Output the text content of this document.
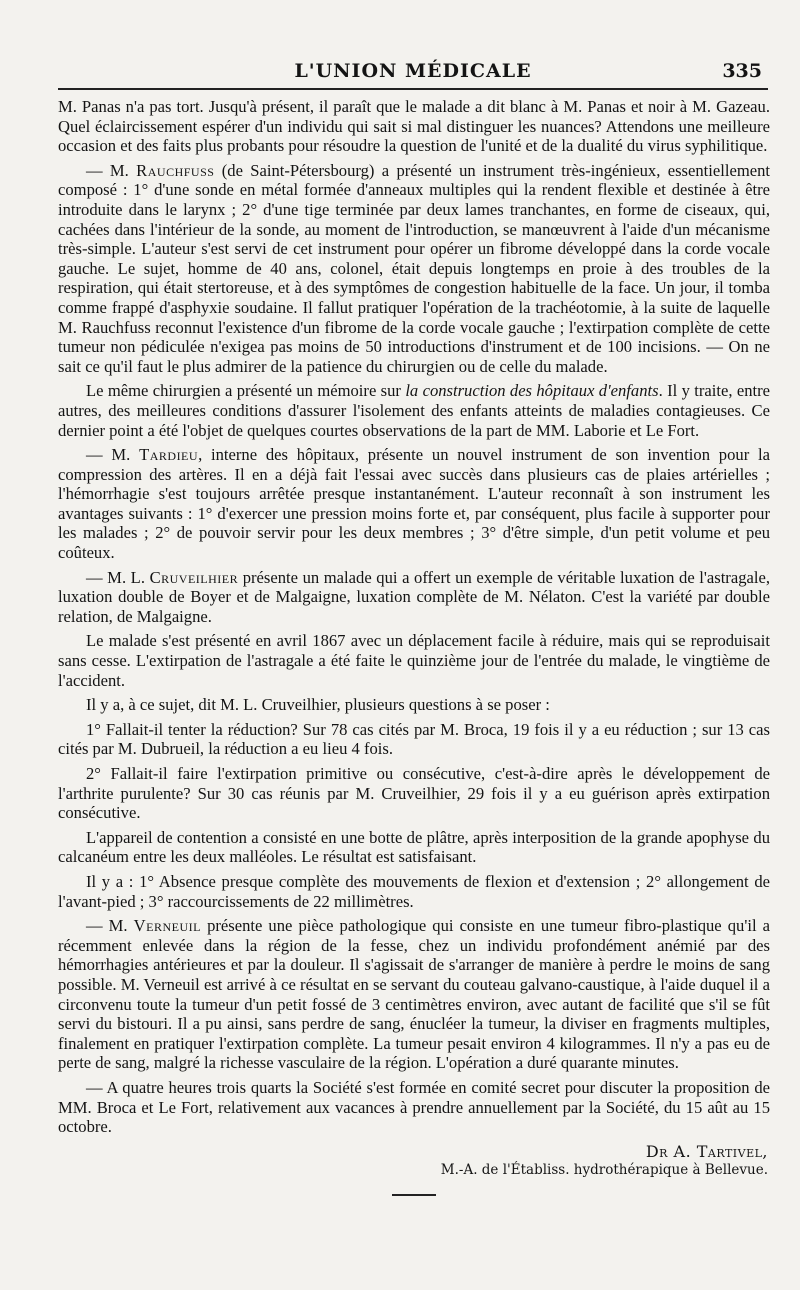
L'UNION MÉDICALE	335

M. Panas n'a pas tort. Jusqu'à présent, il paraît que le malade a dit blanc à M. Panas et noir à M. Gazeau. Quel éclaircissement espérer d'un individu qui sait si mal distinguer les nuances? Attendons une meilleure occasion et des faits plus probants pour résoudre la question de l'unité et de la dualité du virus syphilitique.

— M. Rauchfuss (de Saint-Pétersbourg) a présenté un instrument très-ingénieux, essentiellement composé : 1° d'une sonde en métal formée d'anneaux multiples qui la rendent flexible et destinée à être introduite dans le larynx ; 2° d'une tige terminée par deux lames tranchantes, en forme de ciseaux, qui, cachées dans l'intérieur de la sonde, au moment de l'introduction, se manœuvrent à l'aide d'un mécanisme très-simple. L'auteur s'est servi de cet instrument pour opérer un fibrome développé dans la corde vocale gauche. Le sujet, homme de 40 ans, colonel, était depuis longtemps en proie à des troubles de la respiration, qui était stertoreuse, et à des symptômes de congestion habituelle de la face. Un jour, il tomba comme frappé d'asphyxie soudaine. Il fallut pratiquer l'opération de la trachéotomie, à la suite de laquelle M. Rauchfuss reconnut l'existence d'un fibrome de la corde vocale gauche ; l'extirpation complète de cette tumeur non pédiculée n'exigea pas moins de 50 introductions d'instrument et de 100 incisions. — On ne sait ce qu'il faut le plus admirer de la patience du chirurgien ou de celle du malade.

Le même chirurgien a présenté un mémoire sur la construction des hôpitaux d'enfants. Il y traite, entre autres, des meilleures conditions d'assurer l'isolement des enfants atteints de maladies contagieuses. Ce dernier point a été l'objet de quelques courtes observations de la part de MM. Laborie et Le Fort.

— M. Tardieu, interne des hôpitaux, présente un nouvel instrument de son invention pour la compression des artères. Il en a déjà fait l'essai avec succès dans plusieurs cas de plaies artérielles ; l'hémorrhagie s'est toujours arrêtée presque instantanément. L'auteur reconnaît à son instrument les avantages suivants : 1° d'exercer une pression moins forte et, par conséquent, plus facile à supporter pour les malades ; 2° de pouvoir servir pour les deux membres ; 3° d'être simple, d'un petit volume et peu coûteux.

— M. L. Cruveilhier présente un malade qui a offert un exemple de véritable luxation de l'astragale, luxation double de Boyer et de Malgaigne, luxation complète de M. Nélaton. C'est la variété par double relation, de Malgaigne.

Le malade s'est présenté en avril 1867 avec un déplacement facile à réduire, mais qui se reproduisait sans cesse. L'extirpation de l'astragale a été faite le quinzième jour de l'entrée du malade, le vingtième de l'accident.

Il y a, à ce sujet, dit M. L. Cruveilhier, plusieurs questions à se poser :

1° Fallait-il tenter la réduction? Sur 78 cas cités par M. Broca, 19 fois il y a eu réduction ; sur 13 cas cités par M. Dubrueil, la réduction a eu lieu 4 fois.

2° Fallait-il faire l'extirpation primitive ou consécutive, c'est-à-dire après le développement de l'arthrite purulente? Sur 30 cas réunis par M. Cruveilhier, 29 fois il y a eu guérison après extirpation consécutive.

L'appareil de contention a consisté en une botte de plâtre, après interposition de la grande apophyse du calcanéum entre les deux malléoles. Le résultat est satisfaisant.

Il y a : 1° Absence presque complète des mouvements de flexion et d'extension ; 2° allongement de l'avant-pied ; 3° raccourcissements de 22 millimètres.

— M. Verneuil présente une pièce pathologique qui consiste en une tumeur fibro-plastique qu'il a récemment enlevée dans la région de la fesse, chez un individu profondément anémié par des hémorrhagies antérieures et par la douleur. Il s'agissait de s'arranger de manière à perdre le moins de sang possible. M. Verneuil est arrivé à ce résultat en se servant du couteau galvano-caustique, à l'aide duquel il a circonvenu toute la tumeur d'un petit fossé de 3 centimètres environ, avec autant de facilité que s'il se fût servi du bistouri. Il a pu ainsi, sans perdre de sang, énucléer la tumeur, la diviser en fragments multiples, finalement en pratiquer l'extirpation complète. La tumeur pesait environ 4 kilogrammes. Il n'y a pas eu de perte de sang, malgré la richesse vasculaire de la région. L'opération a duré quarante minutes.

— A quatre heures trois quarts la Société s'est formée en comité secret pour discuter la proposition de MM. Broca et Le Fort, relativement aux vacances à prendre annuellement par la Société, du 15 aût au 15 octobre.

Dr A. Tartivel,
M.-A. de l'Établiss. hydrothérapique à Bellevue.
